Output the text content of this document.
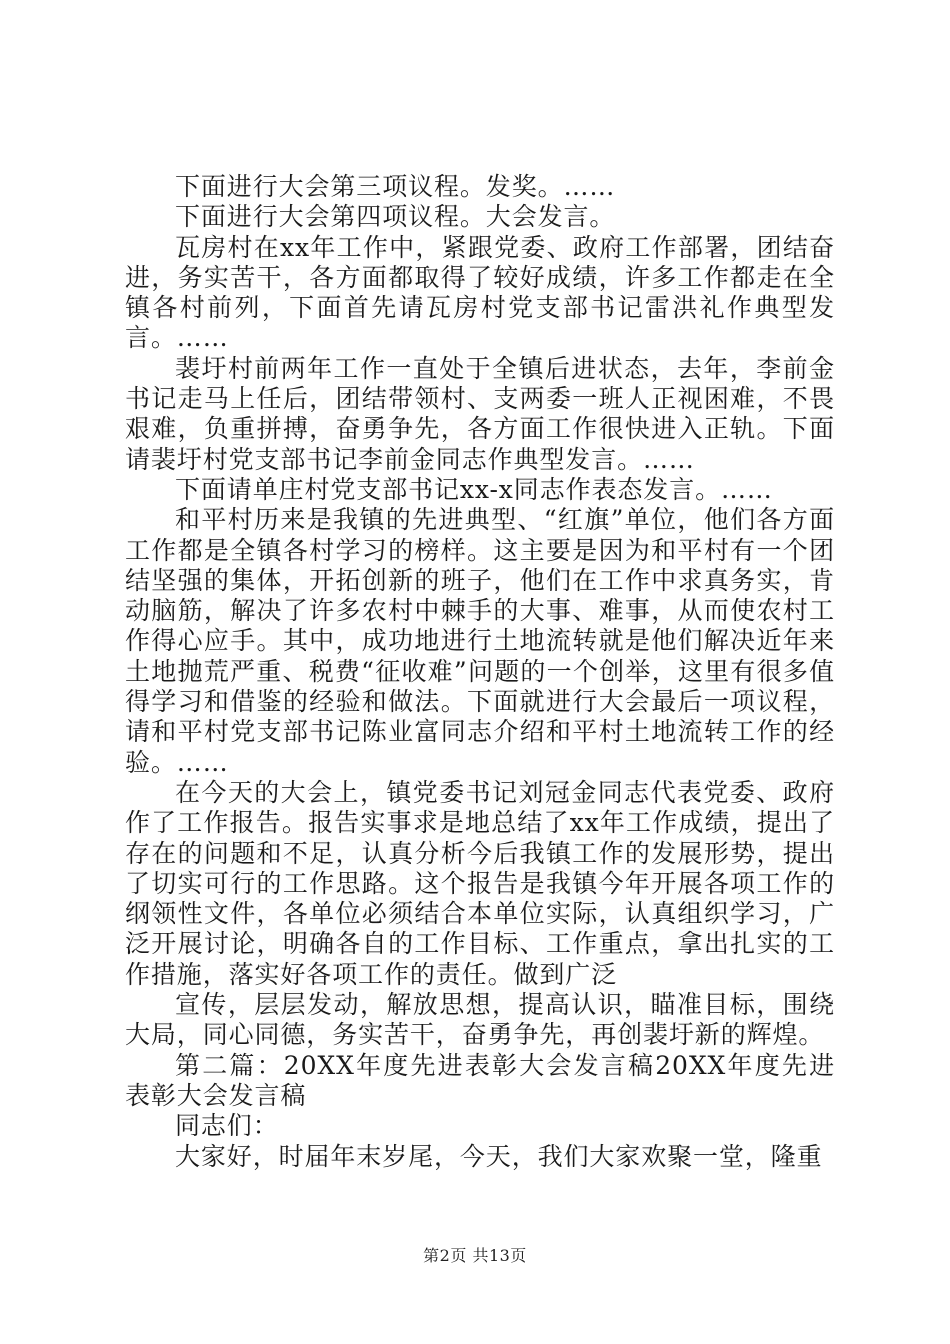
下面进行大会第三项议程。发奖。……

下面进行大会第四项议程。大会发言。

瓦房村在xx年工作中，紧跟党委、政府工作部署，团结奋进，务实苦干，各方面都取得了较好成绩，许多工作都走在全镇各村前列，下面首先请瓦房村党支部书记雷洪礼作典型发言。……

裴圩村前两年工作一直处于全镇后进状态，去年，李前金书记走马上任后，团结带领村、支两委一班人正视困难，不畏艰难，负重拼搏，奋勇争先，各方面工作很快进入正轨。下面请裴圩村党支部书记李前金同志作典型发言。……

下面请单庄村党支部书记xx-x同志作表态发言。……

和平村历来是我镇的先进典型、“红旗”单位，他们各方面工作都是全镇各村学习的榜样。这主要是因为和平村有一个团结坚强的集体，开拓创新的班子，他们在工作中求真务实，肯动脑筋，解决了许多农村中棘手的大事、难事，从而使农村工作得心应手。其中，成功地进行土地流转就是他们解决近年来土地抛荒严重、税费“征收难”问题的一个创举，这里有很多值得学习和借鉴的经验和做法。下面就进行大会最后一项议程，请和平村党支部书记陈业富同志介绍和平村土地流转工作的经验。……

在今天的大会上，镇党委书记刘冠金同志代表党委、政府作了工作报告。报告实事求是地总结了xx年工作成绩，提出了存在的问题和不足，认真分析今后我镇工作的发展形势，提出了切实可行的工作思路。这个报告是我镇今年开展各项工作的纲领性文件，各单位必须结合本单位实际，认真组织学习，广泛开展讨论，明确各自的工作目标、工作重点，拿出扎实的工作措施，落实好各项工作的责任。做到广泛

宣传，层层发动，解放思想，提高认识，瞄准目标，围绕大局，同心同德，务实苦干，奋勇争先，再创裴圩新的辉煌。

第二篇：20XX年度先进表彰大会发言稿20XX年度先进表彰大会发言稿

同志们：

大家好，时届年末岁尾，今天，我们大家欢聚一堂，隆重

第2页 共13页
